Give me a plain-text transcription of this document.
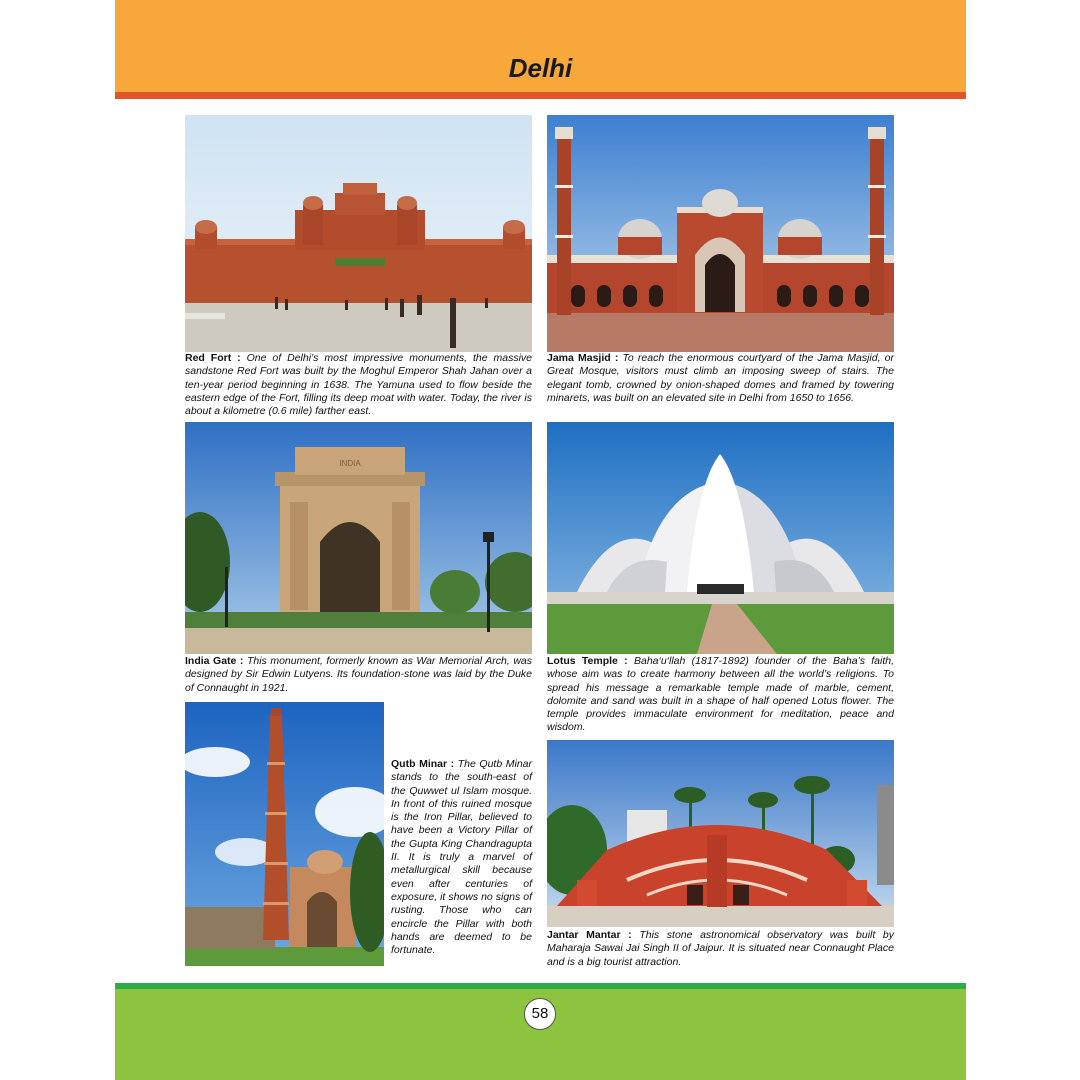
Delhi

Red Fort : One of Delhi’s most impressive monuments, the massive sandstone Red Fort was built by the Moghul Emperor Shah Jahan over a ten-year period beginning in 1638. The Yamuna used to flow beside the eastern edge of the Fort, filling its deep moat with water. Today, the river is about a kilometre (0.6 mile) farther east.

Jama Masjid : To reach the enormous courtyard of the Jama Masjid, or Great Mosque, visitors must climb an imposing sweep of stairs. The elegant tomb, crowned by onion-shaped domes and framed by towering minarets, was built on an elevated site in Delhi from 1650 to 1656.

INDIA

India Gate : This monument, formerly known as War Memorial Arch, was designed by Sir Edwin Lutyens. Its foundation-stone was laid by the Duke of Connaught in 1921.

Lotus Temple : Baha‘u‘llah (1817-1892) founder of the Baha’s faith, whose aim was to create harmony between all the world’s religions. To spread his message a remarkable temple made of marble, cement, dolomite and sand was built in a shape of half opened Lotus flower. The temple provides immaculate environment for meditation, peace and wisdom.

Qutb Minar : The Qutb Minar stands to the south-east of the Quwwet ul Islam mosque. In front of this ruined mosque is the Iron Pillar, believed to have been a Victory Pillar of the Gupta King Chandragupta II. It is truly a marvel of metallurgical skill because even after centuries of exposure, it shows no signs of rusting. Those who can encircle the Pillar with both hands are deemed to be fortunate.

Jantar Mantar : This stone astronomical observatory was built by Maharaja Sawai Jai Singh II of Jaipur. It is situated near Connaught Place and is a big tourist attraction.

58
